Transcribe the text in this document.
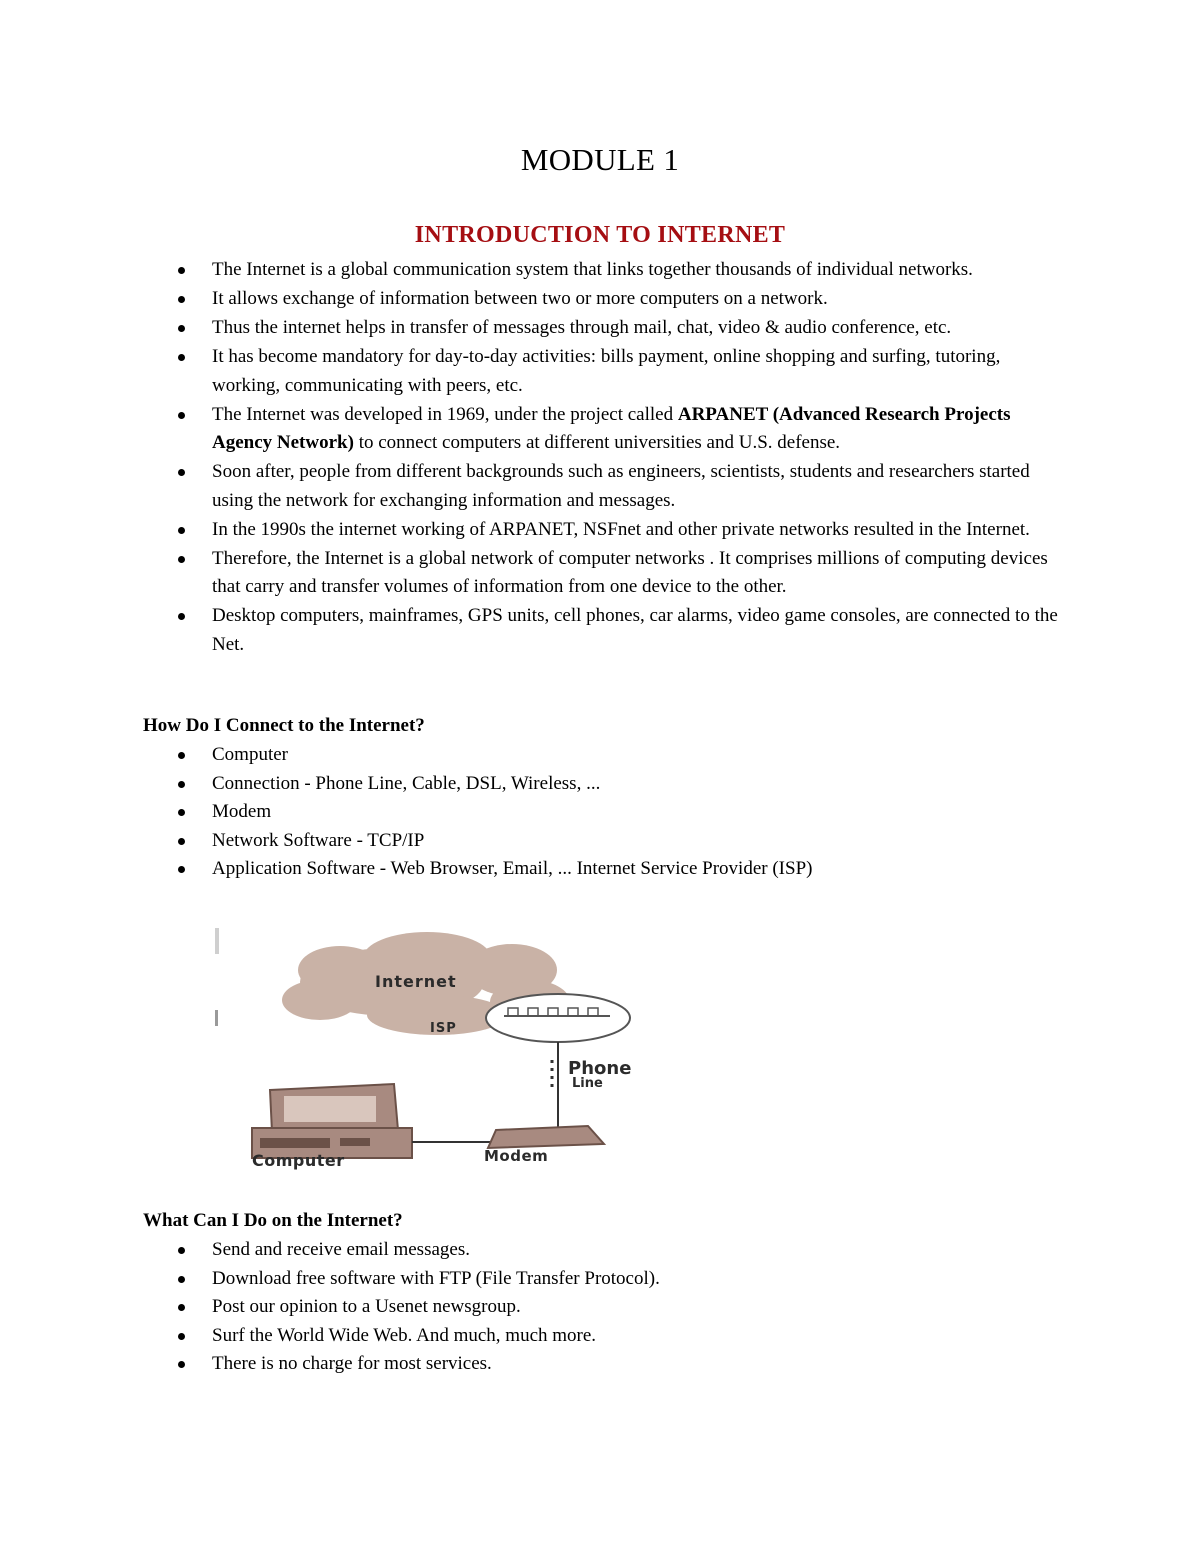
MODULE 1
INTRODUCTION TO INTERNET
The Internet is a global communication system that links together thousands of individual networks.
It allows exchange of information between two or more computers on a network.
Thus the internet helps in transfer of messages through mail, chat, video & audio conference, etc.
It has become mandatory for day-to-day activities: bills payment, online shopping and surfing, tutoring, working, communicating with peers, etc.
The Internet was developed in 1969, under the project called ARPANET (Advanced Research Projects Agency Network) to connect computers at different universities and U.S. defense.
Soon after, people from different backgrounds such as engineers, scientists, students and researchers started using the network for exchanging information and messages.
In the 1990s the internet working of ARPANET, NSFnet and other private networks resulted in the Internet.
Therefore, the Internet is a global network of computer networks . It comprises millions of computing devices that carry and transfer volumes of information from one device to the other.
Desktop computers, mainframes, GPS units, cell phones, car alarms, video game consoles, are connected to the Net.
How Do I Connect to the Internet?
Computer
Connection - Phone Line, Cable, DSL, Wireless, ...
Modem
Network Software - TCP/IP
Application Software - Web Browser, Email, ... Internet Service Provider (ISP)
Internet
ISP
Phone
Line
Computer	Modem
What Can I Do on the Internet?
Send and receive email messages.
Download free software with FTP (File Transfer Protocol).
Post our opinion to a Usenet newsgroup.
Surf the World Wide Web. And much, much more.
There is no charge for most services.
